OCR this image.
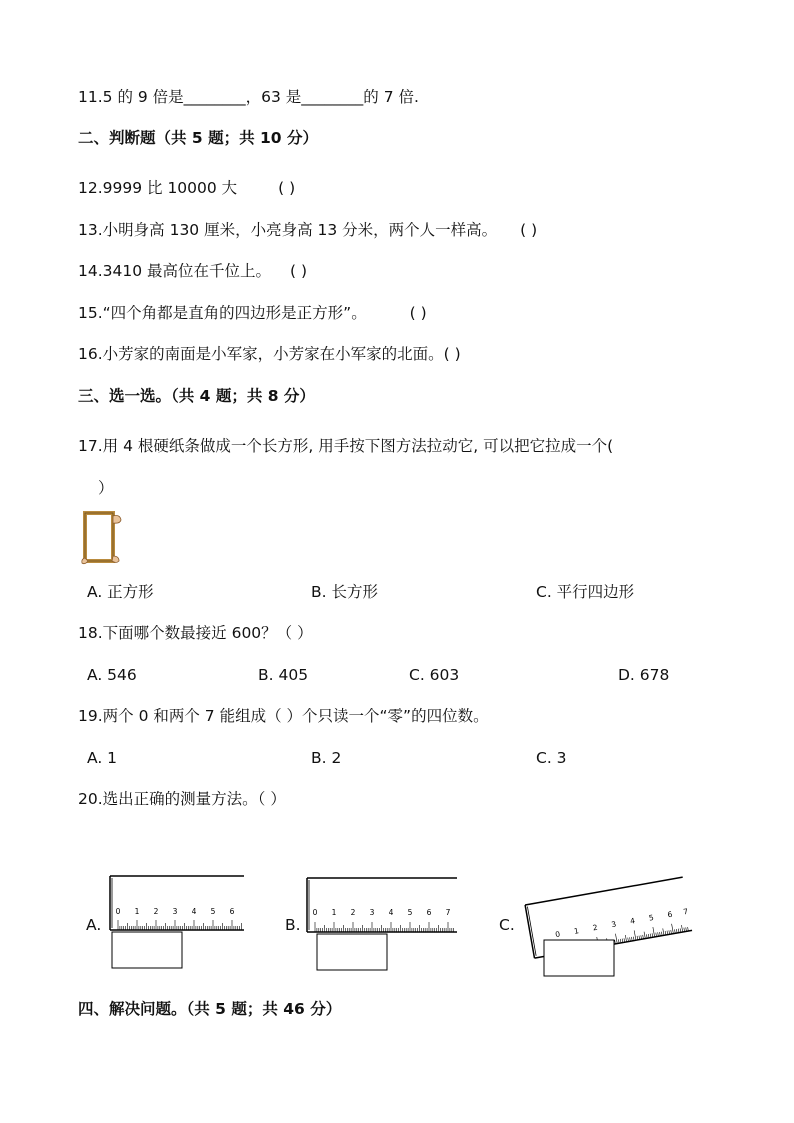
11.5 的 9 倍是________，63 是________的 7 倍.
二、判断题（共 5 题；共 10 分）
12.9999 比 10000 大	( )
13.小明身高 130 厘米，小亮身高 13 分米，两个人一样高。 ( )
14.3410 最高位在千位上。 ( )
15.“四个角都是直角的四边形是正方形”。	( )
16.小芳家的南面是小军家，小芳家在小军家的北面。( )
三、选一选。（共 4 题；共 8 分）
17.用 4 根硬纸条做成一个长方形, 用手按下图方法拉动它, 可以把它拉成一个(
）
A. 正方形	B. 长方形	C. 平行四边形
18.下面哪个数最接近 600？（ ）
A. 546	B. 405	C. 603	D. 678
19.两个 0 和两个 7 能组成（ ）个只读一个“零”的四位数。
A. 1	B. 2	C. 3
20.选出正确的测量方法。（ ）
A.	B.	C.
0 1 2 3 4 5 6	0 1 2 3 4 5 6 7
0 1 2 3 4 5 6 7
四、解决问题。（共 5 题；共 46 分）
